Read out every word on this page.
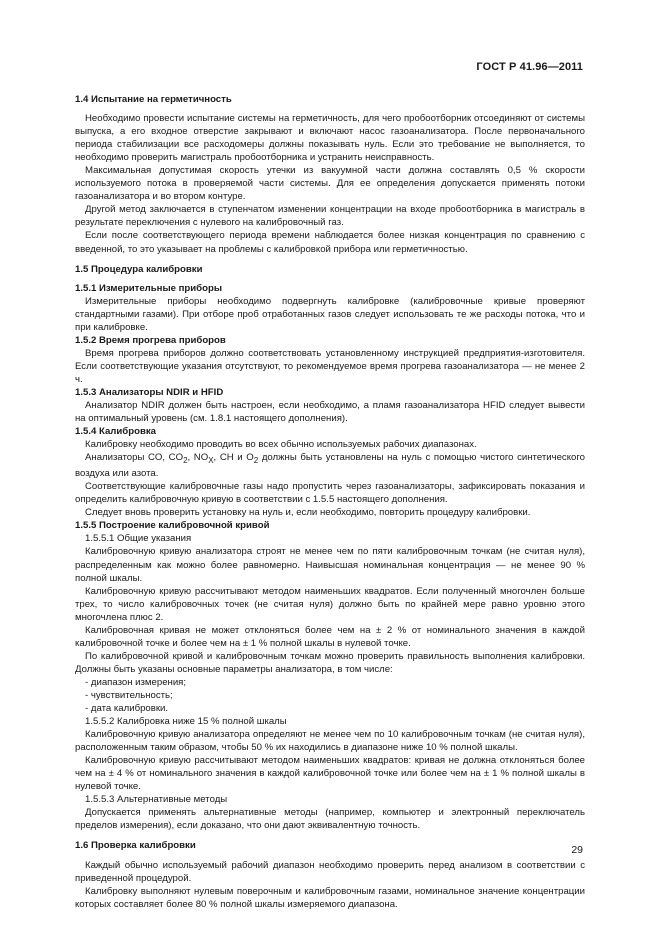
ГОСТ Р 41.96—2011

1.4 Испытание на герметичность

Необходимо провести испытание системы на герметичность, для чего пробоотборник отсоединяют от системы выпуска, а его входное отверстие закрывают и включают насос газоанализатора. После первоначального периода стабилизации все расходомеры должны показывать нуль. Если это требование не выполняется, то необходимо проверить магистраль пробоотборника и устранить неисправность.

Максимальная допустимая скорость утечки из вакуумной части должна составлять 0,5 % скорости используемого потока в проверяемой части системы. Для ее определения допускается применять потоки газоанализатора и во втором контуре.

Другой метод заключается в ступенчатом изменении концентрации на входе пробоотборника в магистраль в результате переключения с нулевого на калибровочный газ.

Если после соответствующего периода времени наблюдается более низкая концентрация по сравнению с введенной, то это указывает на проблемы с калибровкой прибора или герметичностью.

1.5 Процедура калибровки

1.5.1 Измерительные приборы

Измерительные приборы необходимо подвергнуть калибровке (калибровочные кривые проверяют стандартными газами). При отборе проб отработанных газов следует использовать те же расходы потока, что и при калибровке.

1.5.2 Время прогрева приборов

Время прогрева приборов должно соответствовать установленному инструкцией предприятия-изготовителя. Если соответствующие указания отсутствуют, то рекомендуемое время прогрева газоанализатора — не менее 2 ч.

1.5.3 Анализаторы NDIR и HFID

Анализатор NDIR должен быть настроен, если необходимо, а пламя газоанализатора HFID следует вывести на оптимальный уровень (см. 1.8.1 настоящего дополнения).

1.5.4 Калибровка

Калибровку необходимо проводить во всех обычно используемых рабочих диапазонах.

Анализаторы CO, $CO_2$, $NO_X$, CH и $O_2$ должны быть установлены на нуль с помощью чистого синтетического воздуха или азота.

Соответствующие калибровочные газы надо пропустить через газоанализаторы, зафиксировать показания и определить калибровочную кривую в соответствии с 1.5.5 настоящего дополнения.

Следует вновь проверить установку на нуль и, если необходимо, повторить процедуру калибровки.

1.5.5 Построение калибровочной кривой

1.5.5.1 Общие указания

Калибровочную кривую анализатора строят не менее чем по пяти калибровочным точкам (не считая нуля), распределенным как можно более равномерно. Наивысшая номинальная концентрация — не менее 90 % полной шкалы.

Калибровочную кривую рассчитывают методом наименьших квадратов. Если полученный многочлен больше трех, то число калибровочных точек (не считая нуля) должно быть по крайней мере равно уровню этого многочлена плюс 2.

Калибровочная кривая не может отклоняться более чем на ± 2 % от номинального значения в каждой калибровочной точке и более чем на ± 1 % полной шкалы в нулевой точке.

По калибровочной кривой и калибровочным точкам можно проверить правильность выполнения калибровки. Должны быть указаны основные параметры анализатора, в том числе:

- диапазон измерения;

- чувствительность;

- дата калибровки.

1.5.5.2 Калибровка ниже 15 % полной шкалы

Калибровочную кривую анализатора определяют не менее чем по 10 калибровочным точкам (не считая нуля), расположенным таким образом, чтобы 50 % их находились в диапазоне ниже 10 % полной шкалы.

Калибровочную кривую рассчитывают методом наименьших квадратов: кривая не должна отклоняться более чем на ± 4 % от номинального значения в каждой калибровочной точке или более чем на ± 1 % полной шкалы в нулевой точке.

1.5.5.3 Альтернативные методы

Допускается применять альтернативные методы (например, компьютер и электронный переключатель пределов измерения), если доказано, что они дают эквивалентную точность.

1.6 Проверка калибровки

Каждый обычно используемый рабочий диапазон необходимо проверить перед анализом в соответствии с приведенной процедурой.

Калибровку выполняют нулевым поверочным и калибровочным газами, номинальное значение концентрации которых составляет более 80 % полной шкалы измеряемого диапазона.

29
